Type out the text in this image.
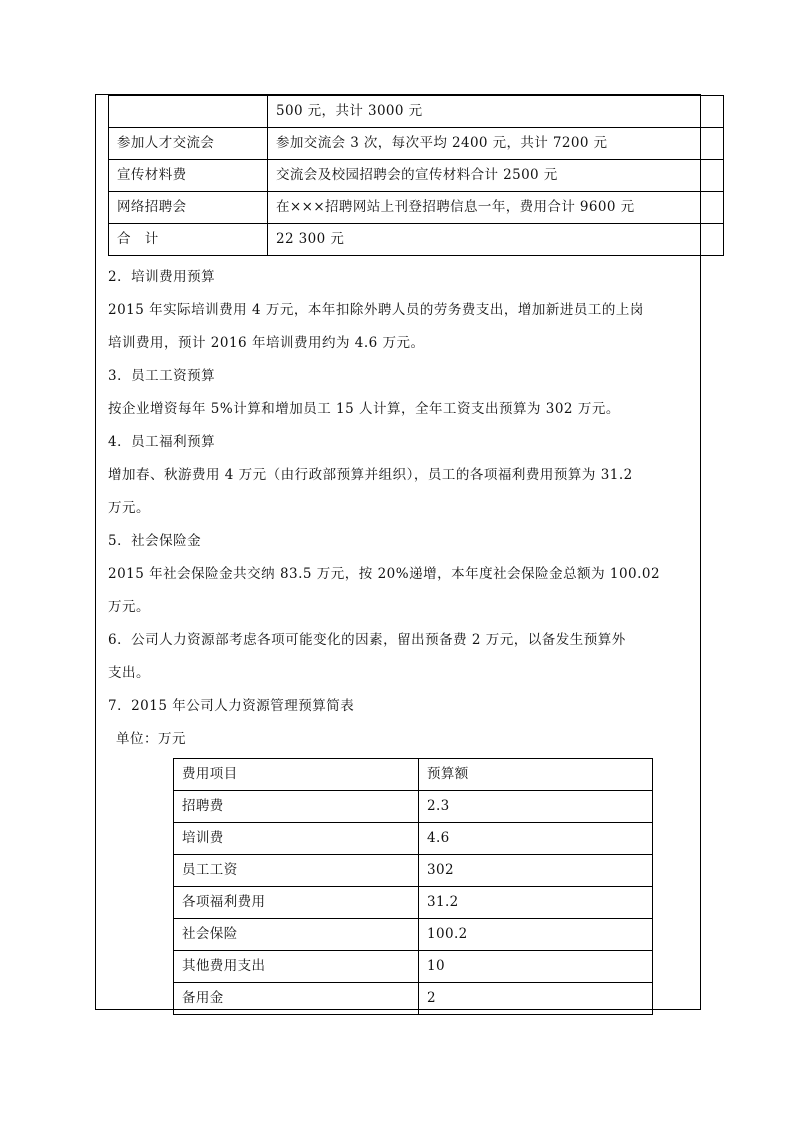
	500 元，共计 3000 元
参加人才交流会	参加交流会 3 次，每次平均 2400 元，共计 7200 元
宣传材料费	交流会及校园招聘会的宣传材料合计 2500 元
网络招聘会	在×××招聘网站上刊登招聘信息一年，费用合计 9600 元
合　计	22 300 元
2．培训费用预算
2015 年实际培训费用 4 万元，本年扣除外聘人员的劳务费支出，增加新进员工的上岗
培训费用，预计 2016 年培训费用约为 4.6 万元。
3．员工工资预算
按企业增资每年 5%计算和增加员工 15 人计算，全年工资支出预算为 302 万元。
4．员工福利预算
增加春、秋游费用 4 万元（由行政部预算并组织），员工的各项福利费用预算为 31.2
万元。
5．社会保险金
2015 年社会保险金共交纳 83.5 万元，按 20%递增，本年度社会保险金总额为 100.02
万元。
6．公司人力资源部考虑各项可能变化的因素，留出预备费 2 万元，以备发生预算外
支出。
7．2015 年公司人力资源管理预算简表
单位：万元
费用项目	预算额
招聘费	2.3
培训费	4.6
员工工资	302
各项福利费用	31.2
社会保险	100.2
其他费用支出	10
备用金	2
